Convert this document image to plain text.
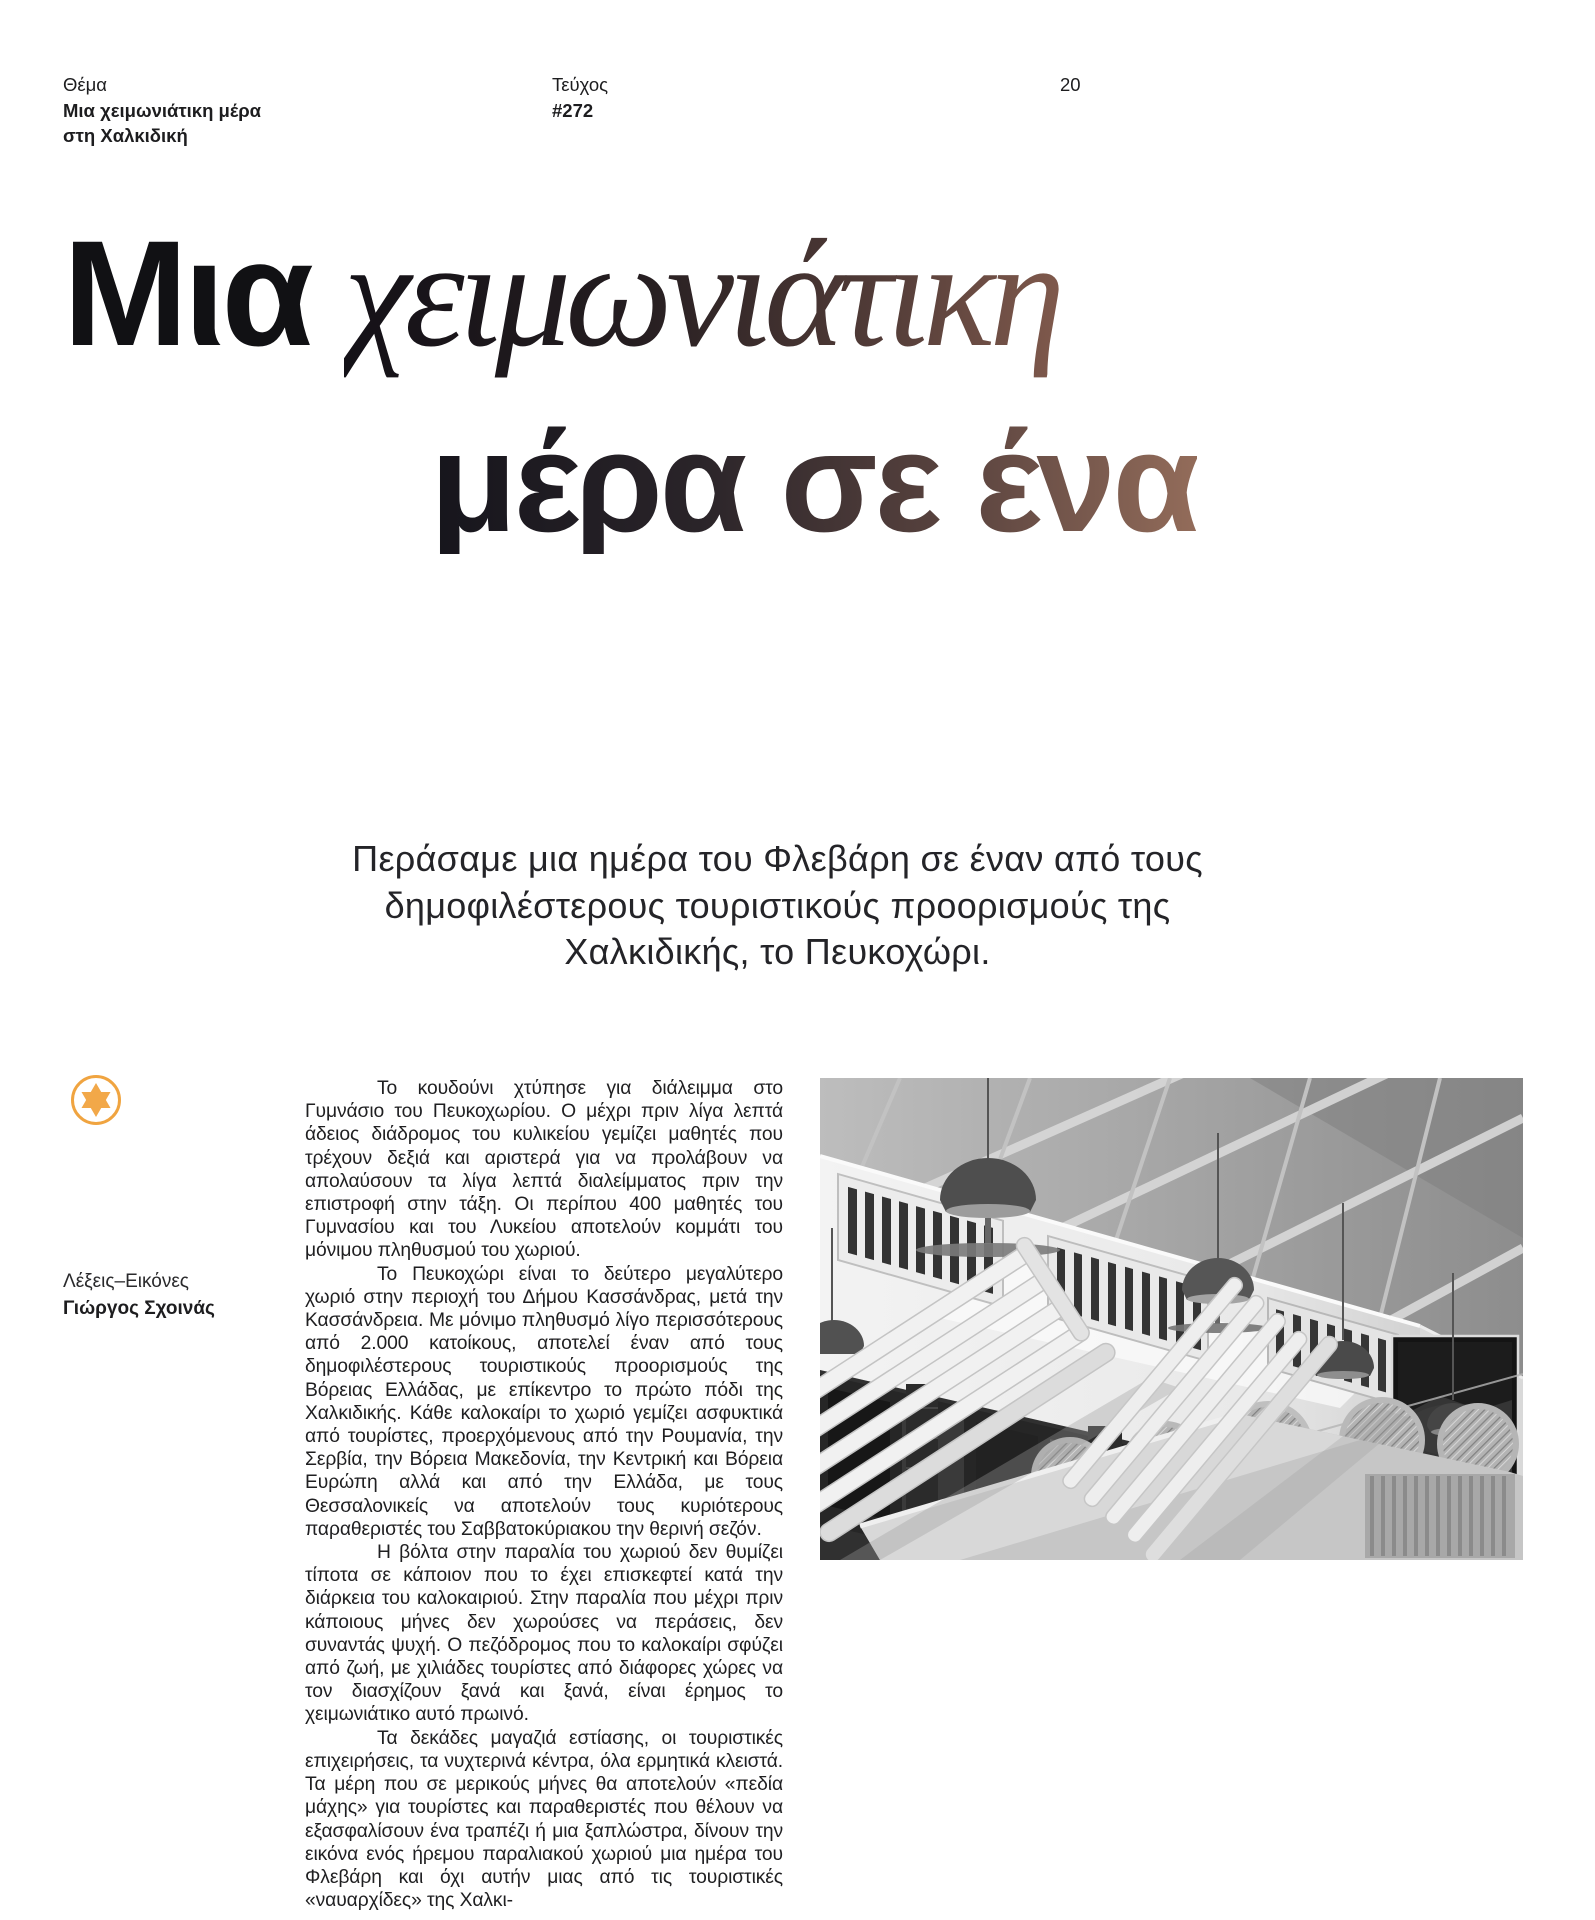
Θέμα
Μια χειμωνιάτικη μέρα
στη Χαλκιδική
Τεύχος
#272
20
Μια χειμωνιάτικη
μέρα σε ένα
Περάσαμε μια ημέρα του Φλεβάρη σε έναν από τους
δημοφιλέστερους τουριστικούς προορισμούς της
Χαλκιδικής, το Πευκοχώρι.
Λέξεις–Εικόνες
Γιώργος Σχοινάς

Το κουδούνι χτύπησε για διάλειμμα στο Γυμνάσιο του Πευκοχωρίου. Ο μέχρι πριν λίγα λεπτά άδειος διάδρομος του κυλικείου γεμίζει μαθητές που τρέχουν δεξιά και αριστερά για να προλάβουν να απολαύσουν τα λίγα λεπτά διαλείμματος πριν την επιστροφή στην τάξη. Οι περίπου 400 μαθητές του Γυμνασίου και του Λυκείου αποτελούν κομμάτι του μόνιμου πληθυσμού του χωριού.

Το Πευκοχώρι είναι το δεύτερο μεγαλύτερο χωριό στην περιοχή του Δήμου Κασσάνδρας, μετά την Κασσάνδρεια. Με μόνιμο πληθυσμό λίγο περισσότερους από 2.000 κατοίκους, αποτελεί έναν από τους δημοφιλέστερους τουριστικούς προορισμούς της Βόρειας Ελλάδας, με επίκεντρο το πρώτο πόδι της Χαλκιδικής. Κάθε καλοκαίρι το χωριό γεμίζει ασφυκτικά από τουρίστες, προερχόμενους από την Ρουμανία, την Σερβία, την Βόρεια Μακεδονία, την Κεντρική και Βόρεια Ευρώπη αλλά και από την Ελλάδα, με τους Θεσσαλονικείς να αποτελούν τους κυριότερους παραθεριστές του Σαββατοκύριακου την θερινή σεζόν.

Η βόλτα στην παραλία του χωριού δεν θυμίζει τίποτα σε κάποιον που το έχει επισκεφτεί κατά την διάρκεια του καλοκαιριού. Στην παραλία που μέχρι πριν κάποιους μήνες δεν χωρούσες να περάσεις, δεν συναντάς ψυχή. Ο πεζόδρομος που το καλοκαίρι σφύζει από ζωή, με χιλιάδες τουρίστες από διάφορες χώρες να τον διασχίζουν ξανά και ξανά, είναι έρημος το χειμωνιάτικο αυτό πρωινό.

Τα δεκάδες μαγαζιά εστίασης, οι τουριστικές επιχειρήσεις, τα νυχτερινά κέντρα, όλα ερμητικά κλειστά. Τα μέρη που σε μερικούς μήνες θα αποτελούν «πεδία μάχης» για τουρίστες και παραθεριστές που θέλουν να εξασφαλίσουν ένα τραπέζι ή μια ξαπλώστρα, δίνουν την εικόνα ενός ήρεμου παραλιακού χωριού μια ημέρα του Φλεβάρη και όχι αυτήν μιας από τις τουριστικές «ναυαρχίδες» της Χαλκι-
